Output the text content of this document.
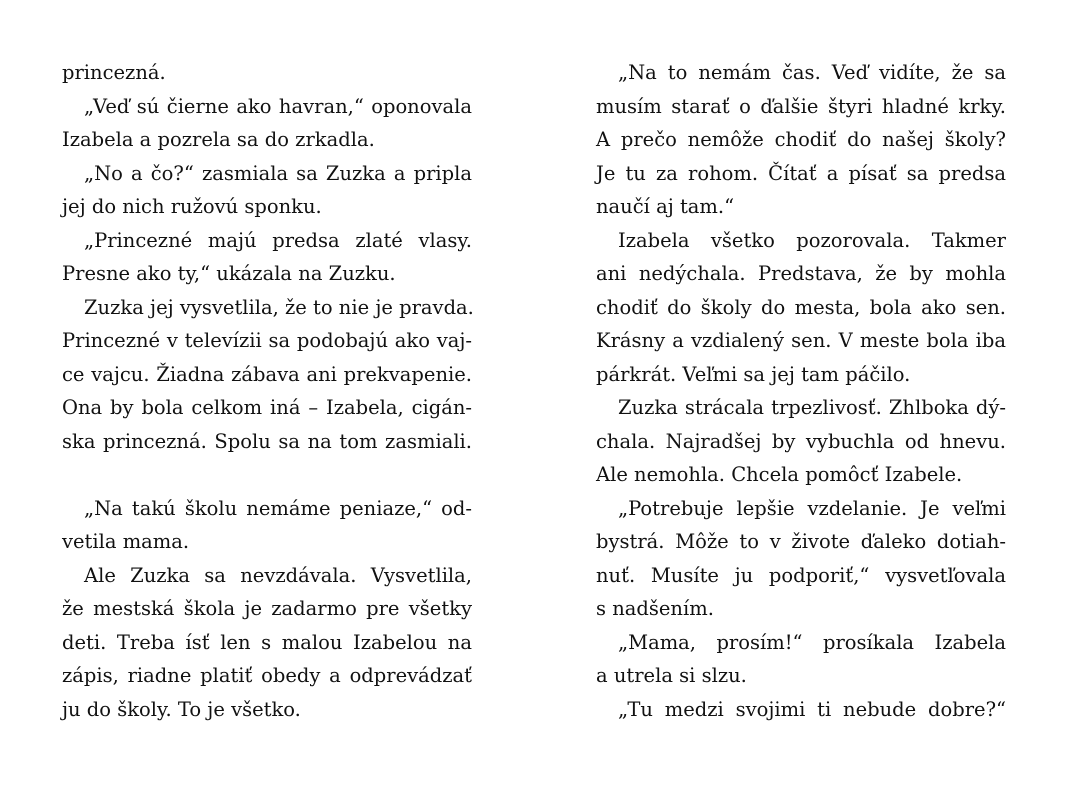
princezná.
„Veď sú čierne ako havran,“ oponovala
Izabela a pozrela sa do zrkadla.
„No a čo?“ zasmiala sa Zuzka a pripla
jej do nich ružovú sponku.
„Princezné majú predsa zlaté vlasy.
Presne ako ty,“ ukázala na Zuzku.
Zuzka jej vysvetlila, že to nie je pravda.
Princezné v televízii sa podobajú ako vaj-
ce vajcu. Žiadna zábava ani prekvapenie.
Ona by bola celkom iná – Izabela, cigán-
ska princezná. Spolu sa na tom zasmiali.
„Na takú školu nemáme peniaze,“ od-
vetila mama.
Ale Zuzka sa nevzdávala. Vysvetlila,
že mestská škola je zadarmo pre všetky
deti. Treba ísť len s malou Izabelou na
zápis, riadne platiť obedy a odprevádzať
ju do školy. To je všetko.
„Na to nemám čas. Veď vidíte, že sa
musím starať o ďalšie štyri hladné krky.
A prečo nemôže chodiť do našej školy?
Je tu za rohom. Čítať a písať sa predsa
naučí aj tam.“
Izabela všetko pozorovala. Takmer
ani nedýchala. Predstava, že by mohla
chodiť do školy do mesta, bola ako sen.
Krásny a vzdialený sen. V meste bola iba
párkrát. Veľmi sa jej tam páčilo.
Zuzka strácala trpezlivosť. Zhlboka dý-
chala. Najradšej by vybuchla od hnevu.
Ale nemohla. Chcela pomôcť Izabele.
„Potrebuje lepšie vzdelanie. Je veľmi
bystrá. Môže to v živote ďaleko dotiah-
nuť. Musíte ju podporiť,“ vysvetľovala
s nadšením.
„Mama, prosím!“ prosíkala Izabela
a utrela si slzu.
„Tu medzi svojimi ti nebude dobre?“
